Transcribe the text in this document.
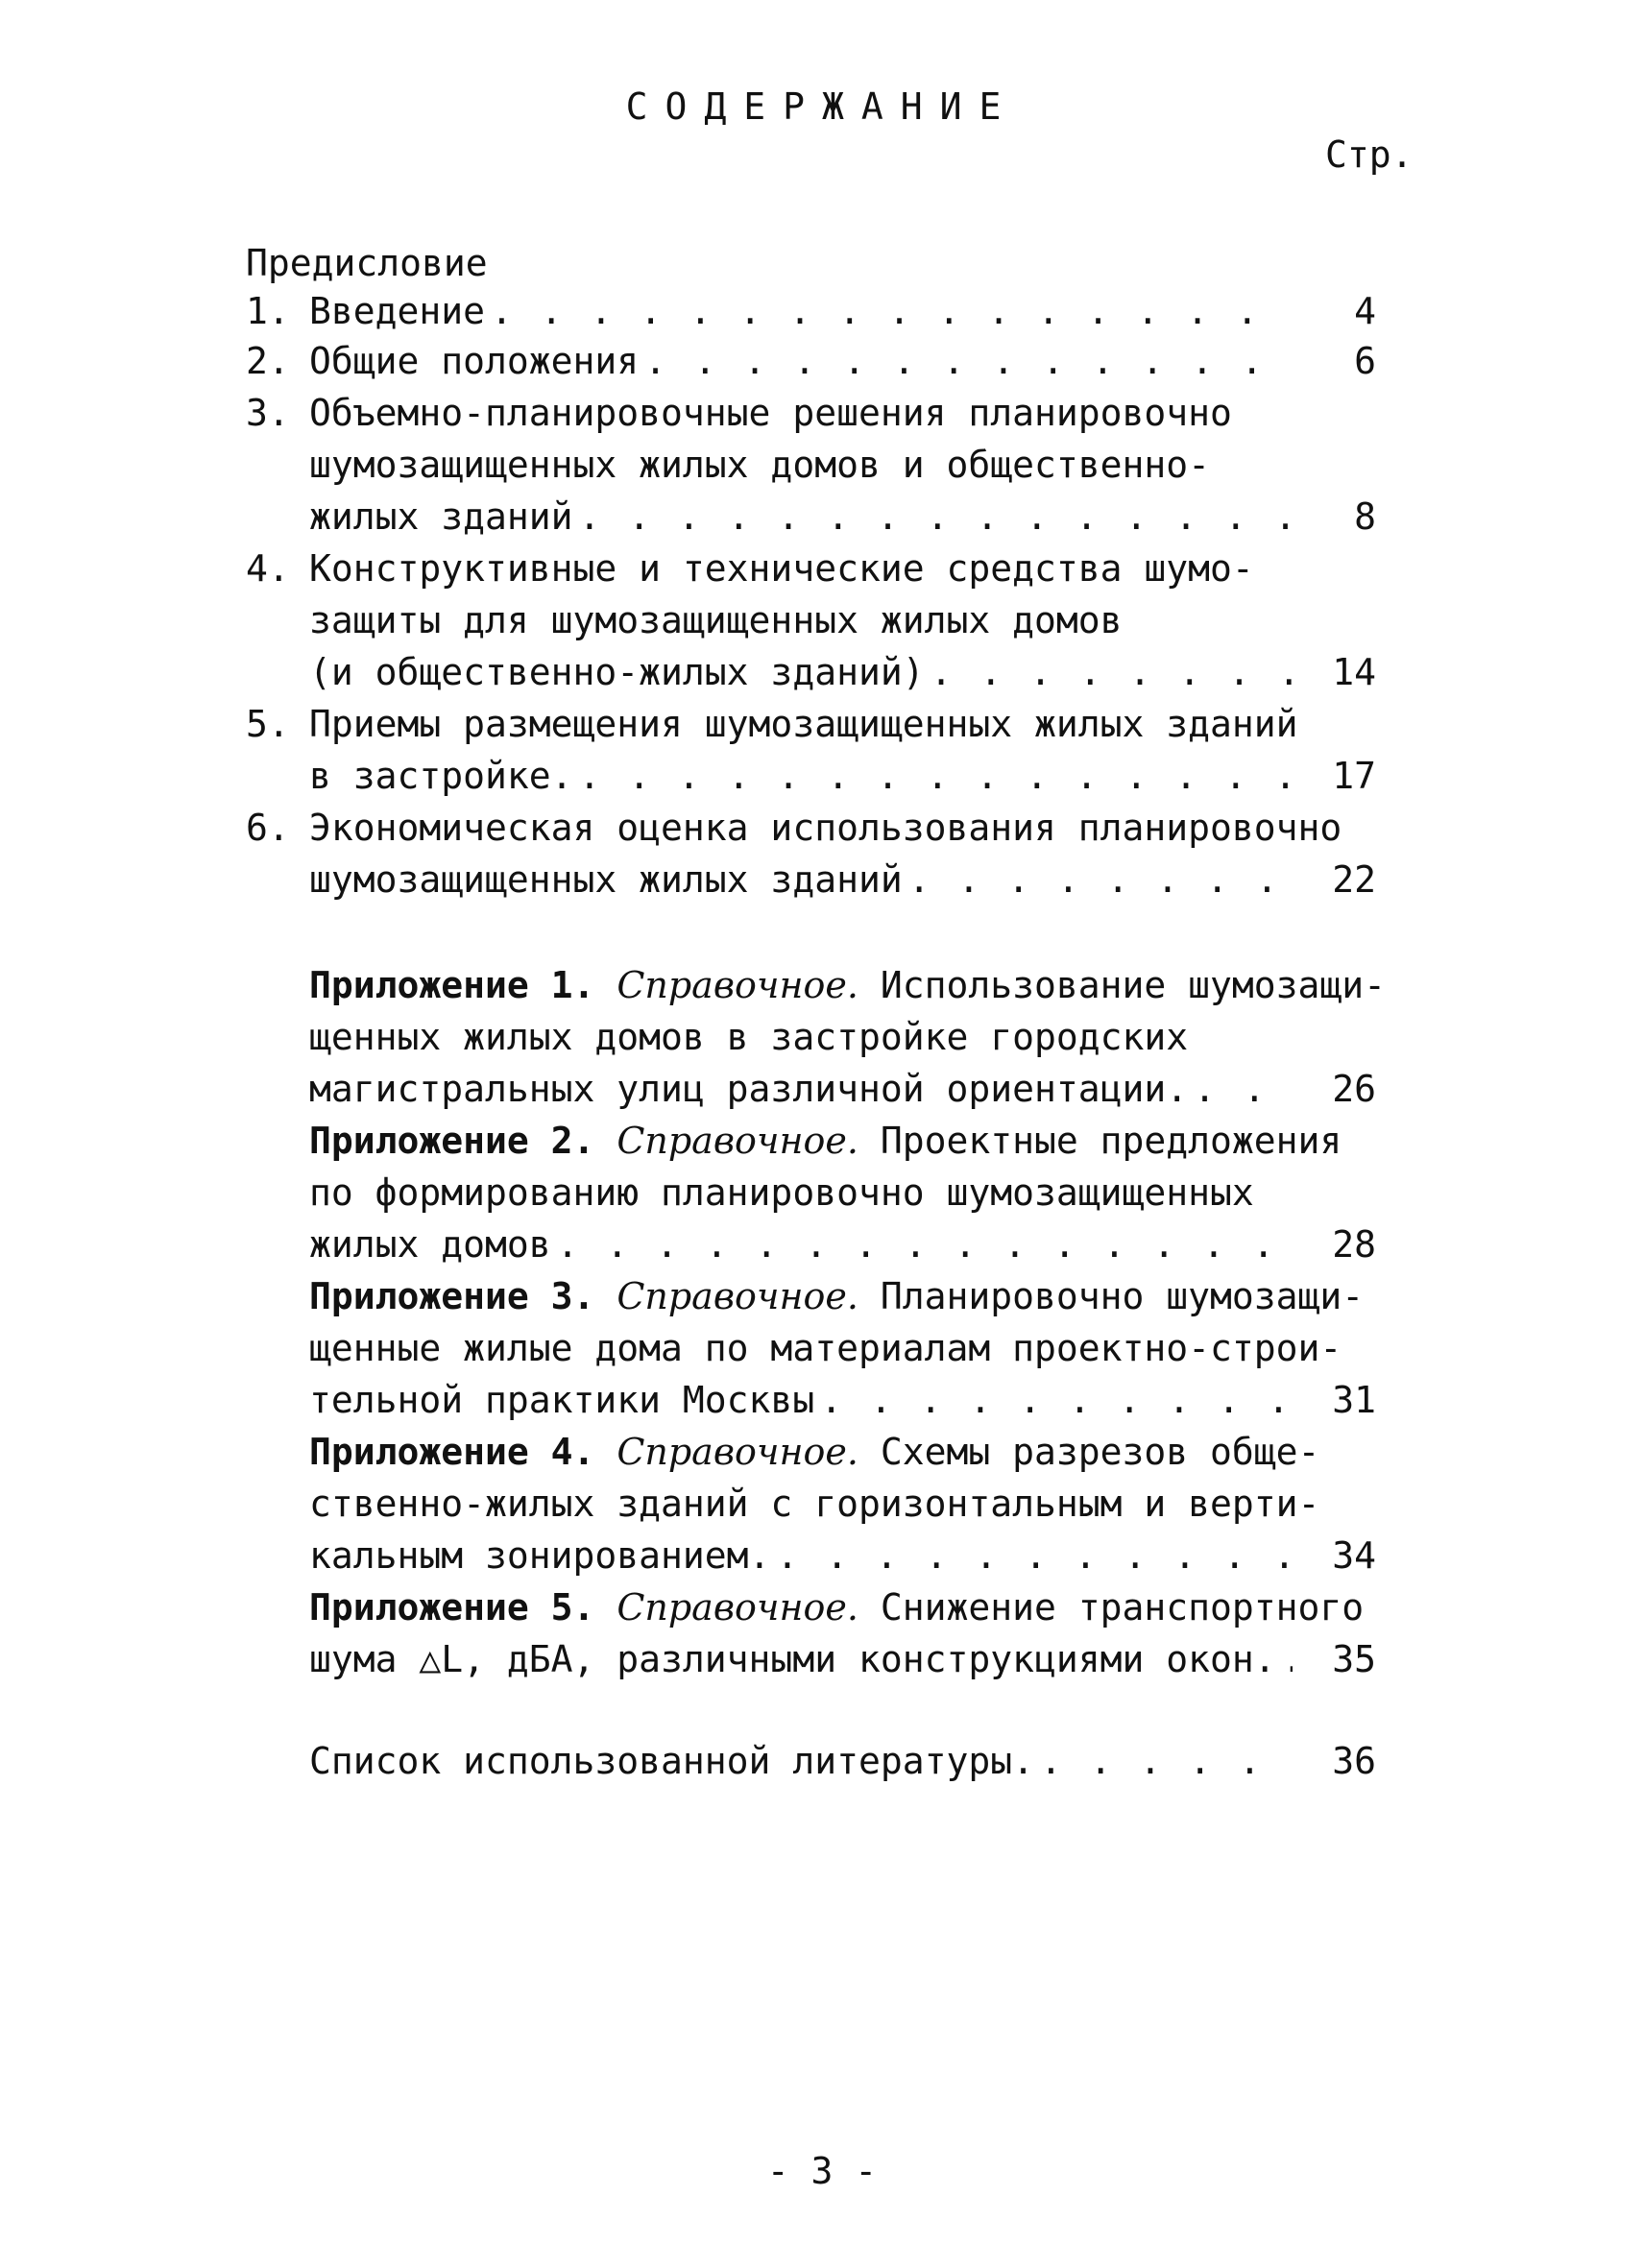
СОДЕРЖАНИЕ
Стр.
Предисловие
1. Введение . . .	4
2. Общие положения . . .	6
3. Объемно-планировочные решения планировочно
шумозащищенных жилых домов и общественно-
жилых зданий . . .	8
4. Конструктивные и технические средства шумо-
защиты для шумозащищенных жилых домов
(и общественно-жилых зданий) . . .	14
5. Приемы размещения шумозащищенных жилых зданий
в застройке. . . .	17
6. Экономическая оценка использования планировочно
шумозащищенных жилых зданий . . .	22
Приложение 1.
Справочное.
Использование шумозащи-
щенных жилых домов в застройке городских
магистральных улиц различной ориентации. . . .	26
Приложение 2.
Справочное.
Проектные предложения
по формированию планировочно шумозащищенных
жилых домов . . .	28
Приложение 3.
Справочное.
Планировочно шумозащи-
щенные жилые дома по материалам проектно-строи-
тельной практики Москвы . . .	31
Приложение 4.
Справочное.
Схемы разрезов обще-
ственно-жилых зданий с горизонтальным и верти-
кальным зонированием. . . .	34
Приложение 5.
Справочное.
Снижение транспортного
шума △L, дБА, различными конструкциями окон. . . . 35
Список использованной литературы. . . .	36
- 3 -
